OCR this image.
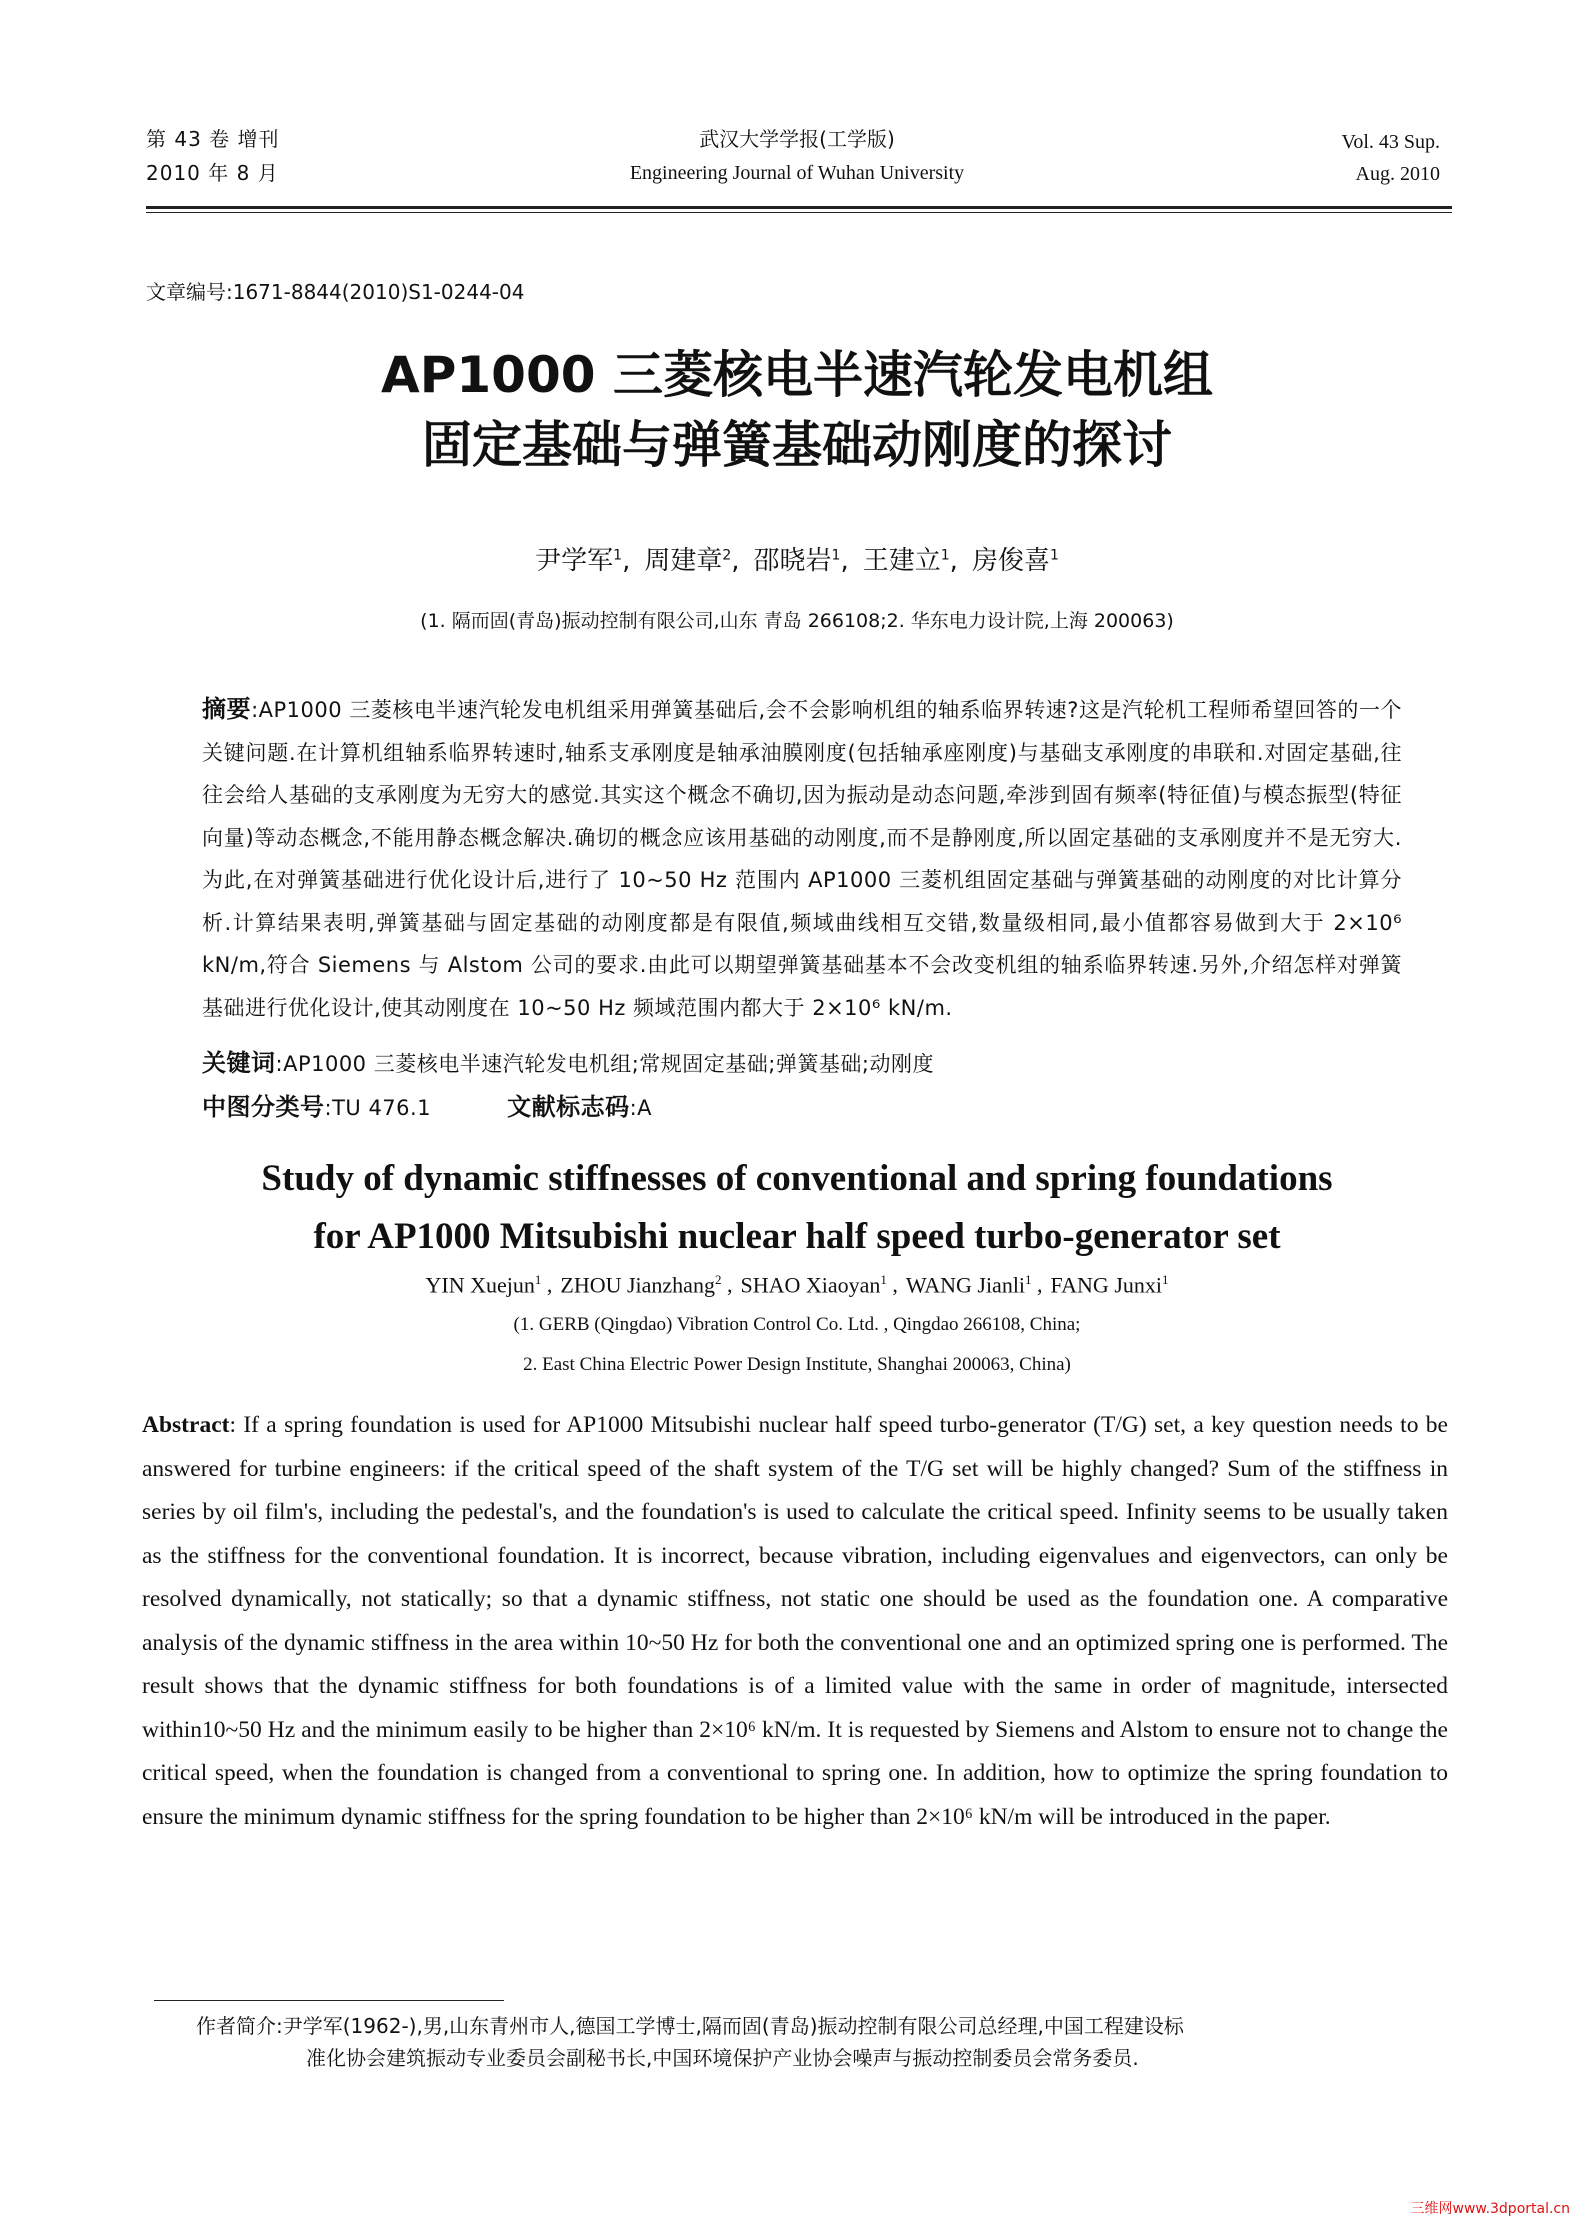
第 43 卷 增刊
2010 年 8 月
武汉大学学报(工学版)
Engineering Journal of Wuhan University
Vol. 43 Sup.
Aug. 2010
文章编号:1671-8844(2010)S1-0244-04
AP1000 三菱核电半速汽轮发电机组
固定基础与弹簧基础动刚度的探讨
尹学军$^1$, 周建章$^2$, 邵晓岩$^1$, 王建立$^1$, 房俊喜$^1$
(1. 隔而固(青岛)振动控制有限公司,山东 青岛 266108;2. 华东电力设计院,上海 200063)
摘要:AP1000 三菱核电半速汽轮发电机组采用弹簧基础后,会不会影响机组的轴系临界转速?这是汽轮机工程师希望回答的一个关键问题.在计算机组轴系临界转速时,轴系支承刚度是轴承油膜刚度(包括轴承座刚度)与基础支承刚度的串联和.对固定基础,往往会给人基础的支承刚度为无穷大的感觉.其实这个概念不确切,因为振动是动态问题,牵涉到固有频率(特征值)与模态振型(特征向量)等动态概念,不能用静态概念解决.确切的概念应该用基础的动刚度,而不是静刚度,所以固定基础的支承刚度并不是无穷大.为此,在对弹簧基础进行优化设计后,进行了 10~50 Hz 范围内 AP1000 三菱机组固定基础与弹簧基础的动刚度的对比计算分析.计算结果表明,弹簧基础与固定基础的动刚度都是有限值,频域曲线相互交错,数量级相同,最小值都容易做到大于 2×10⁶ kN/m,符合 Siemens 与 Alstom 公司的要求.由此可以期望弹簧基础基本不会改变机组的轴系临界转速.另外,介绍怎样对弹簧基础进行优化设计,使其动刚度在 10~50 Hz 频域范围内都大于 2×10⁶ kN/m.
关键词:AP1000 三菱核电半速汽轮发电机组;常规固定基础;弹簧基础;动刚度
中图分类号:TU 476.1	文献标志码:A
Study of dynamic stiffnesses of conventional and spring foundations
for AP1000 Mitsubishi nuclear half speed turbo-generator set
YIN Xuejun$^1$ , ZHOU Jianzhang$^2$ , SHAO Xiaoyan$^1$ , WANG Jianli$^1$ , FANG Junxi$^1$
(1. GERB (Qingdao) Vibration Control Co. Ltd. , Qingdao 266108, China;
2. East China Electric Power Design Institute, Shanghai 200063, China)
Abstract: If a spring foundation is used for AP1000 Mitsubishi nuclear half speed turbo-generator (T/G) set, a key question needs to be answered for turbine engineers: if the critical speed of the shaft system of the T/G set will be highly changed? Sum of the stiffness in series by oil film's, including the pedestal's, and the foundation's is used to calculate the critical speed. Infinity seems to be usually taken as the stiffness for the conventional foundation. It is incorrect, because vibration, including eigenvalues and eigenvectors, can only be resolved dynamically, not statically; so that a dynamic stiffness, not static one should be used as the foundation one. A comparative analysis of the dynamic stiffness in the area within 10~50 Hz for both the conventional one and an optimized spring one is performed. The result shows that the dynamic stiffness for both foundations is of a limited value with the same in order of magnitude, intersected within10~50 Hz and the minimum easily to be higher than 2×10⁶ kN/m. It is requested by Siemens and Alstom to ensure not to change the critical speed, when the foundation is changed from a conventional to spring one. In addition, how to optimize the spring foundation to ensure the minimum dynamic stiffness for the spring foundation to be higher than 2×10⁶ kN/m will be introduced in the paper.
作者简介:尹学军(1962-),男,山东青州市人,德国工学博士,隔而固(青岛)振动控制有限公司总经理,中国工程建设标
准化协会建筑振动专业委员会副秘书长,中国环境保护产业协会噪声与振动控制委员会常务委员.
三维网www.3dportal.cn
